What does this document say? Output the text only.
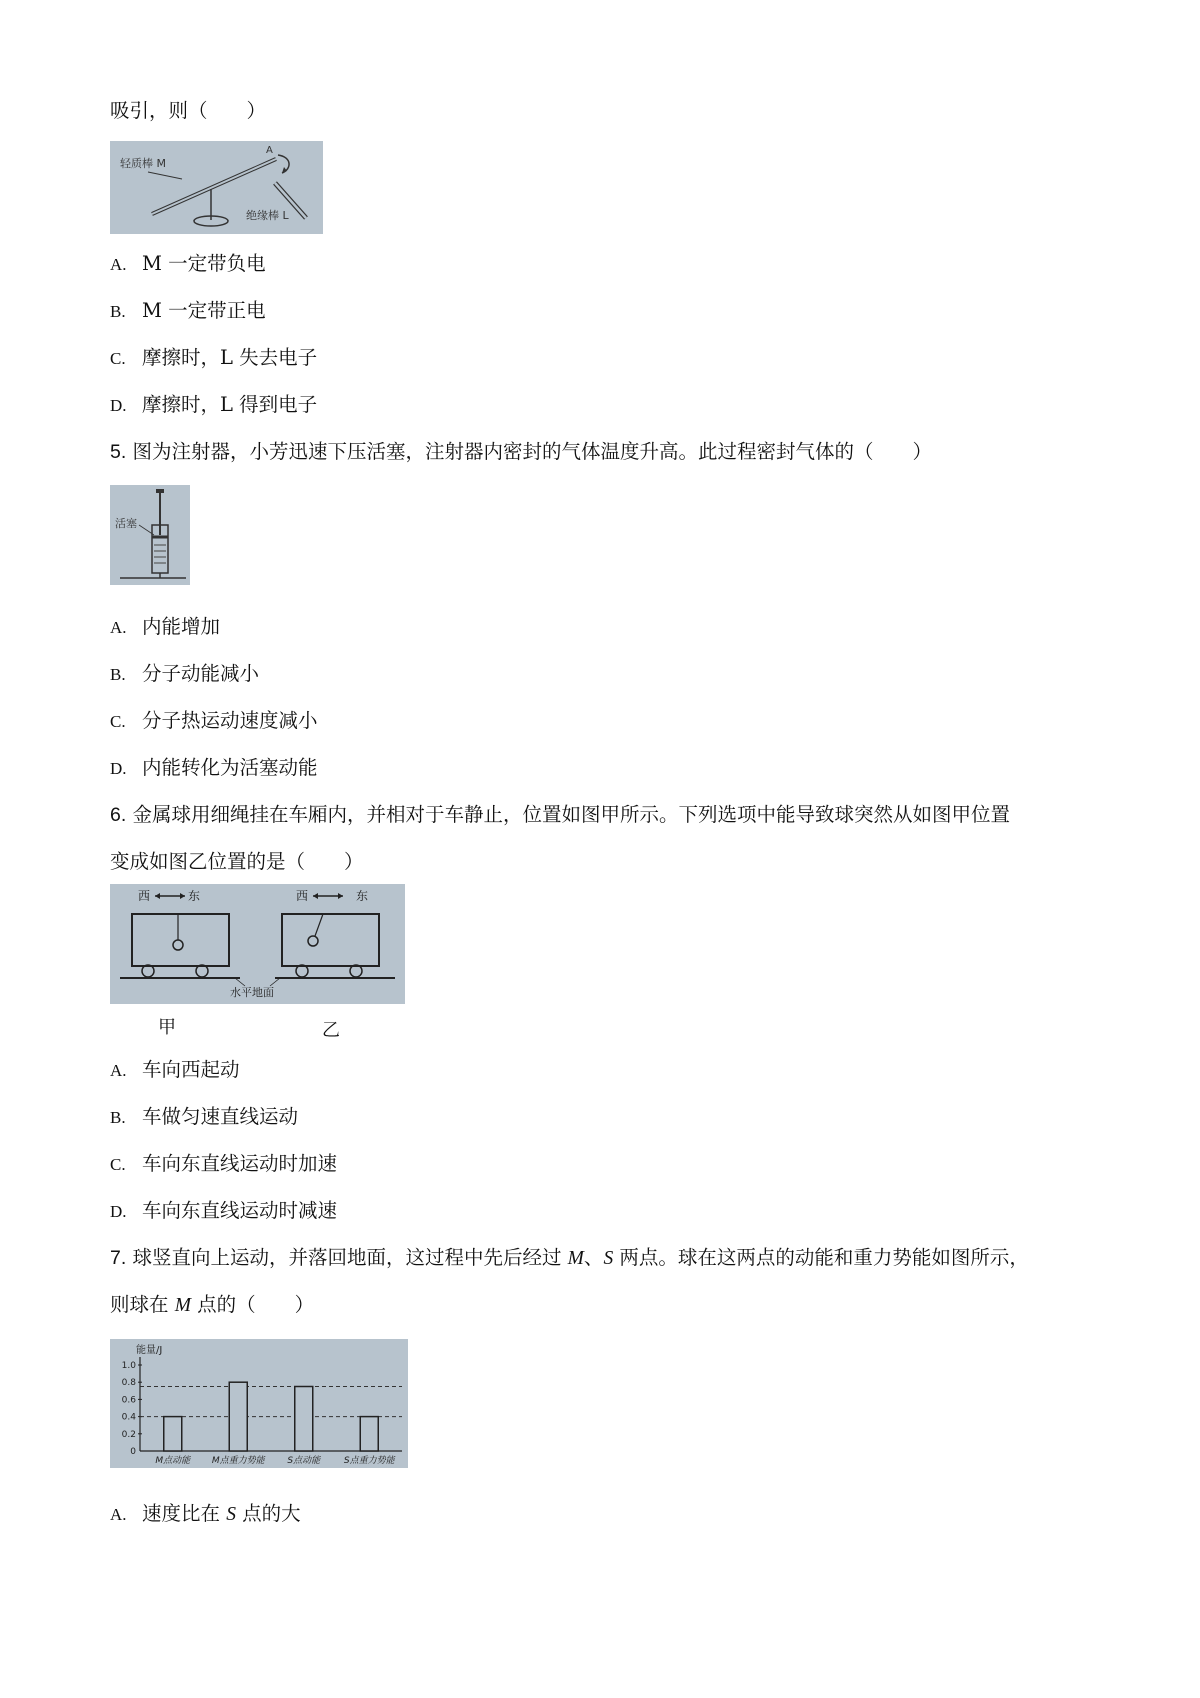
吸引，则（　　）
轻质棒 M
A
绝缘棒 L
A. M 一定带负电
B. M 一定带正电
C. 摩擦时，L 失去电子
D. 摩擦时，L 得到电子
5. 图为注射器，小芳迅速下压活塞，注射器内密封的气体温度升高。此过程密封气体的（　　）
活塞
A. 内能增加
B. 分子动能减小
C. 分子热运动速度减小
D. 内能转化为活塞动能
6. 金属球用细绳挂在车厢内，并相对于车静止，位置如图甲所示。下列选项中能导致球突然从如图甲位置
变成如图乙位置的是（　　）
西	东	西	东
水平地面
甲	乙
A. 车向西起动
B. 车做匀速直线运动
C. 车向东直线运动时加速
D. 车向东直线运动时减速
7. 球竖直向上运动，并落回地面，这过程中先后经过 M、S 两点。球在这两点的动能和重力势能如图所示，
则球在 M 点的（　　）
能量/J
0
0.2
0.4
0.6
0.8
1.0
M点动能 M点重力势能	S点动能	S点重力势能
A. 速度比在 S 点的大
